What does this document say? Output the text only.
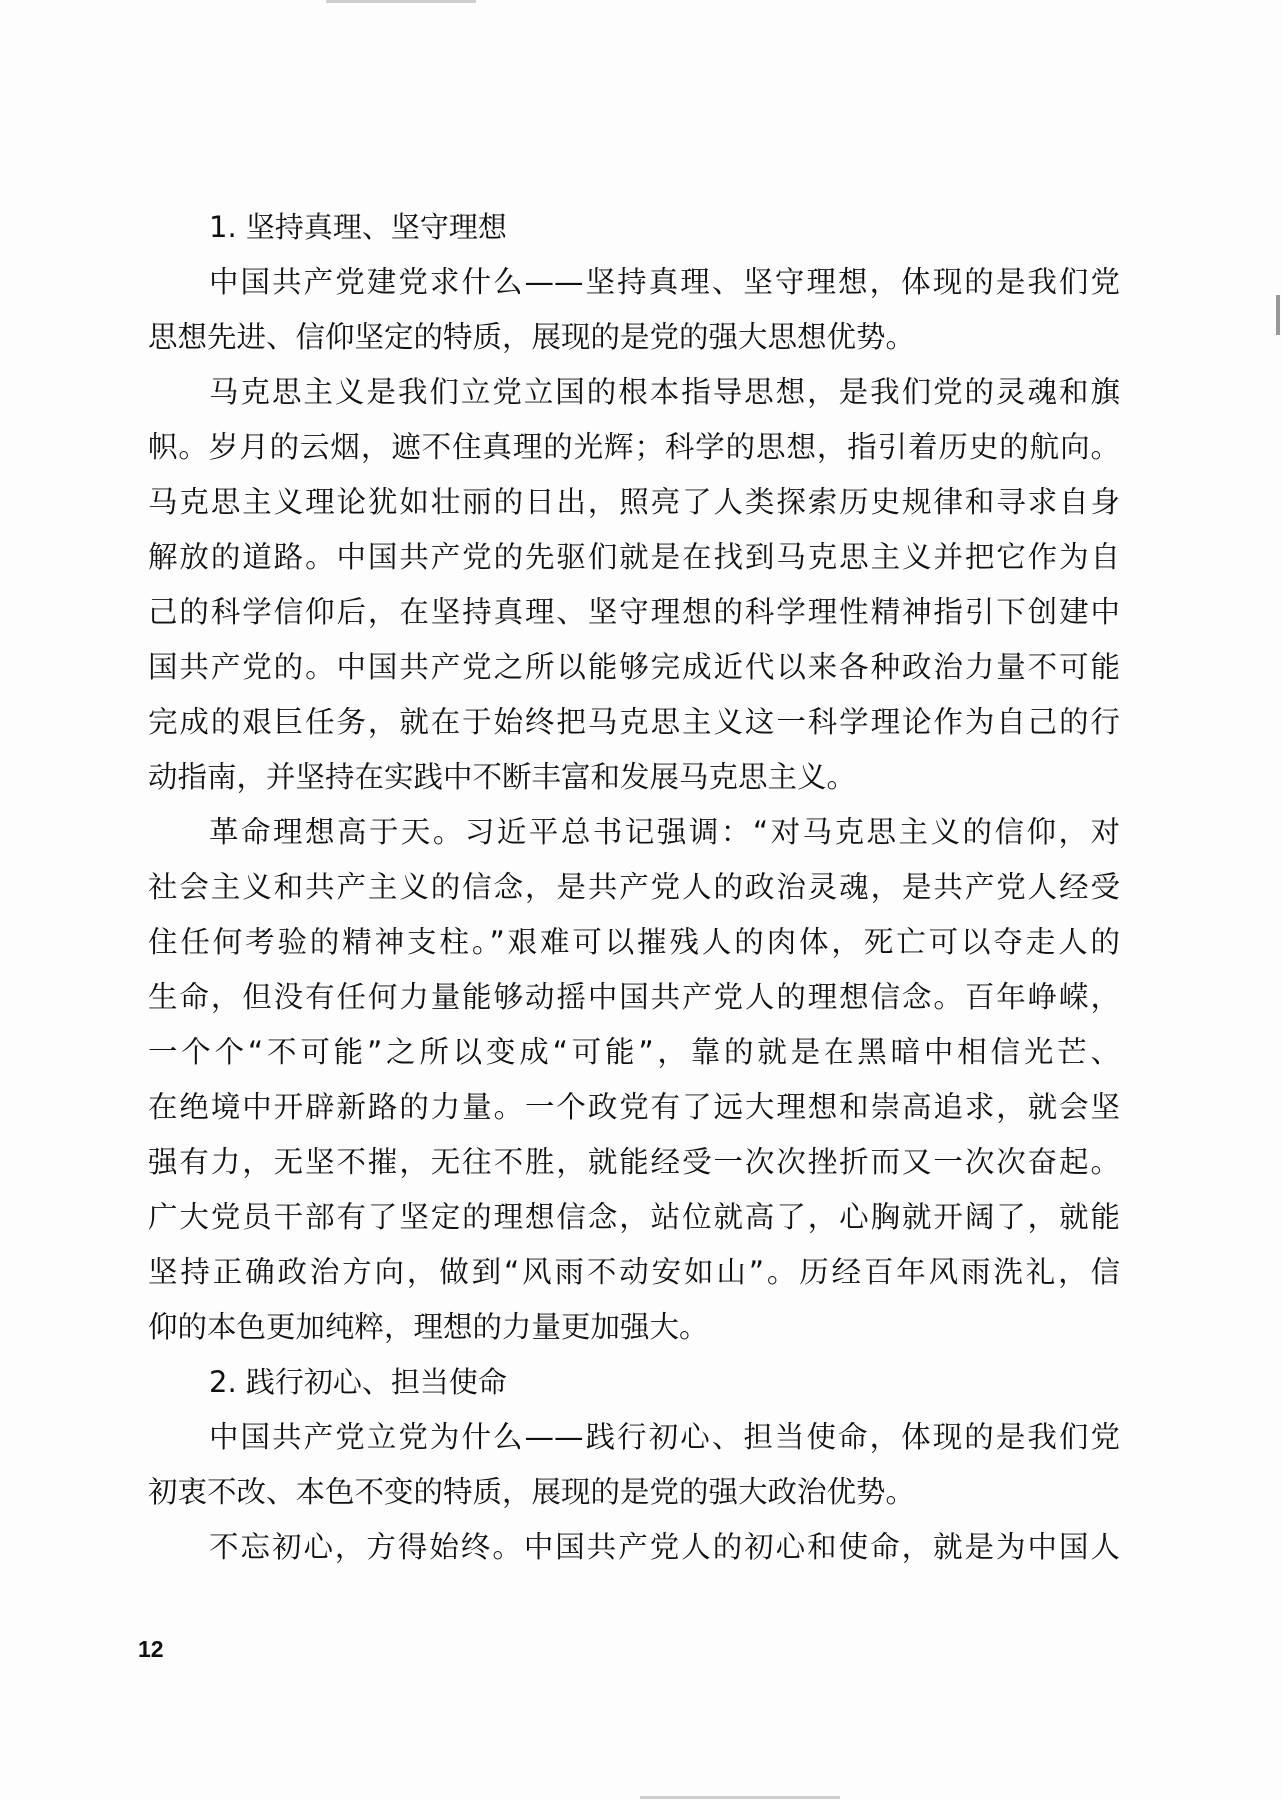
1. 坚持真理、坚守理想
中国共产党建党求什么——坚持真理、坚守理想，体现的是我们党
思想先进、信仰坚定的特质，展现的是党的强大思想优势。
马克思主义是我们立党立国的根本指导思想，是我们党的灵魂和旗
帜。岁月的云烟，遮不住真理的光辉；科学的思想，指引着历史的航向。
马克思主义理论犹如壮丽的日出，照亮了人类探索历史规律和寻求自身
解放的道路。中国共产党的先驱们就是在找到马克思主义并把它作为自
己的科学信仰后，在坚持真理、坚守理想的科学理性精神指引下创建中
国共产党的。中国共产党之所以能够完成近代以来各种政治力量不可能
完成的艰巨任务，就在于始终把马克思主义这一科学理论作为自己的行
动指南，并坚持在实践中不断丰富和发展马克思主义。
革命理想高于天。习近平总书记强调：“对马克思主义的信仰，对
社会主义和共产主义的信念，是共产党人的政治灵魂，是共产党人经受
住任何考验的精神支柱。”艰难可以摧残人的肉体，死亡可以夺走人的
生命，但没有任何力量能够动摇中国共产党人的理想信念。百年峥嵘，
一个个“不可能”之所以变成“可能”，靠的就是在黑暗中相信光芒、
在绝境中开辟新路的力量。一个政党有了远大理想和崇高追求，就会坚
强有力，无坚不摧，无往不胜，就能经受一次次挫折而又一次次奋起。
广大党员干部有了坚定的理想信念，站位就高了，心胸就开阔了，就能
坚持正确政治方向，做到“风雨不动安如山”。历经百年风雨洗礼，信
仰的本色更加纯粹，理想的力量更加强大。
2. 践行初心、担当使命
中国共产党立党为什么——践行初心、担当使命，体现的是我们党
初衷不改、本色不变的特质，展现的是党的强大政治优势。
不忘初心，方得始终。中国共产党人的初心和使命，就是为中国人
12
